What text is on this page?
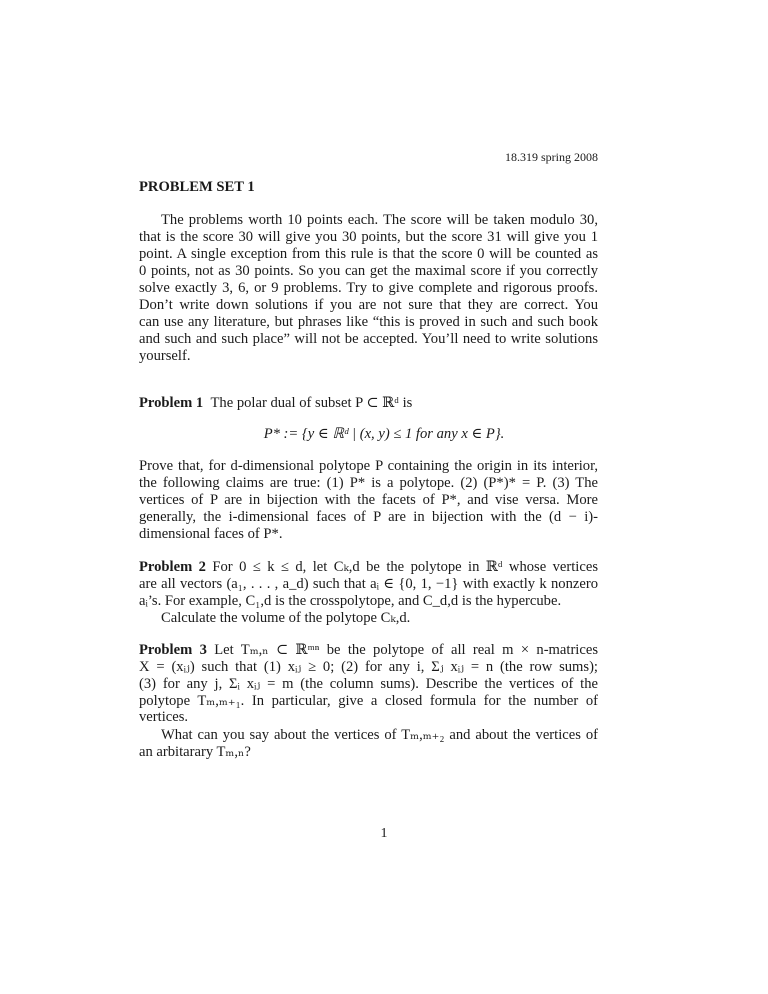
18.319 spring 2008
PROBLEM SET 1
The problems worth 10 points each. The score will be taken modulo 30,
that is the score 30 will give you 30 points, but the score 31 will give you 1
point. A single exception from this rule is that the score 0 will be counted as
0 points, not as 30 points. So you can get the maximal score if you correctly
solve exactly 3, 6, or 9 problems. Try to give complete and rigorous proofs.
Don’t write down solutions if you are not sure that they are correct. You
can use any literature, but phrases like “this is proved in such and such book
and such and such place” will not be accepted. You’ll need to write solutions
yourself.
Problem 1 The polar dual of subset P ⊂ ℝᵈ is
P* := {y ∈ ℝᵈ | (x, y) ≤ 1 for any x ∈ P}.
Prove that, for d-dimensional polytope P containing the origin in its interior,
the following claims are true: (1) P* is a polytope. (2) (P*)* = P. (3) The
vertices of P are in bijection with the facets of P*, and vise versa. More
generally, the i-dimensional faces of P are in bijection with the (d − i)-
dimensional faces of P*.
Problem 2 For 0 ≤ k ≤ d, let Cₖ,d be the polytope in ℝᵈ whose vertices
are all vectors (a₁, . . . , a_d) such that aᵢ ∈ {0, 1, −1} with exactly k nonzero
aᵢ’s. For example, C₁,d is the crosspolytope, and C_d,d is the hypercube.
Calculate the volume of the polytope Cₖ,d.
Problem 3 Let Tₘ,ₙ ⊂ ℝᵐⁿ be the polytope of all real m × n-matrices
X = (xᵢⱼ) such that (1) xᵢⱼ ≥ 0; (2) for any i, Σⱼ xᵢⱼ = n (the row sums);
(3) for any j, Σᵢ xᵢⱼ = m (the column sums). Describe the vertices of the
polytope Tₘ,ₘ₊₁. In particular, give a closed formula for the number of
vertices.
What can you say about the vertices of Tₘ,ₘ₊₂ and about the vertices of
an arbitarary Tₘ,ₙ?
1
